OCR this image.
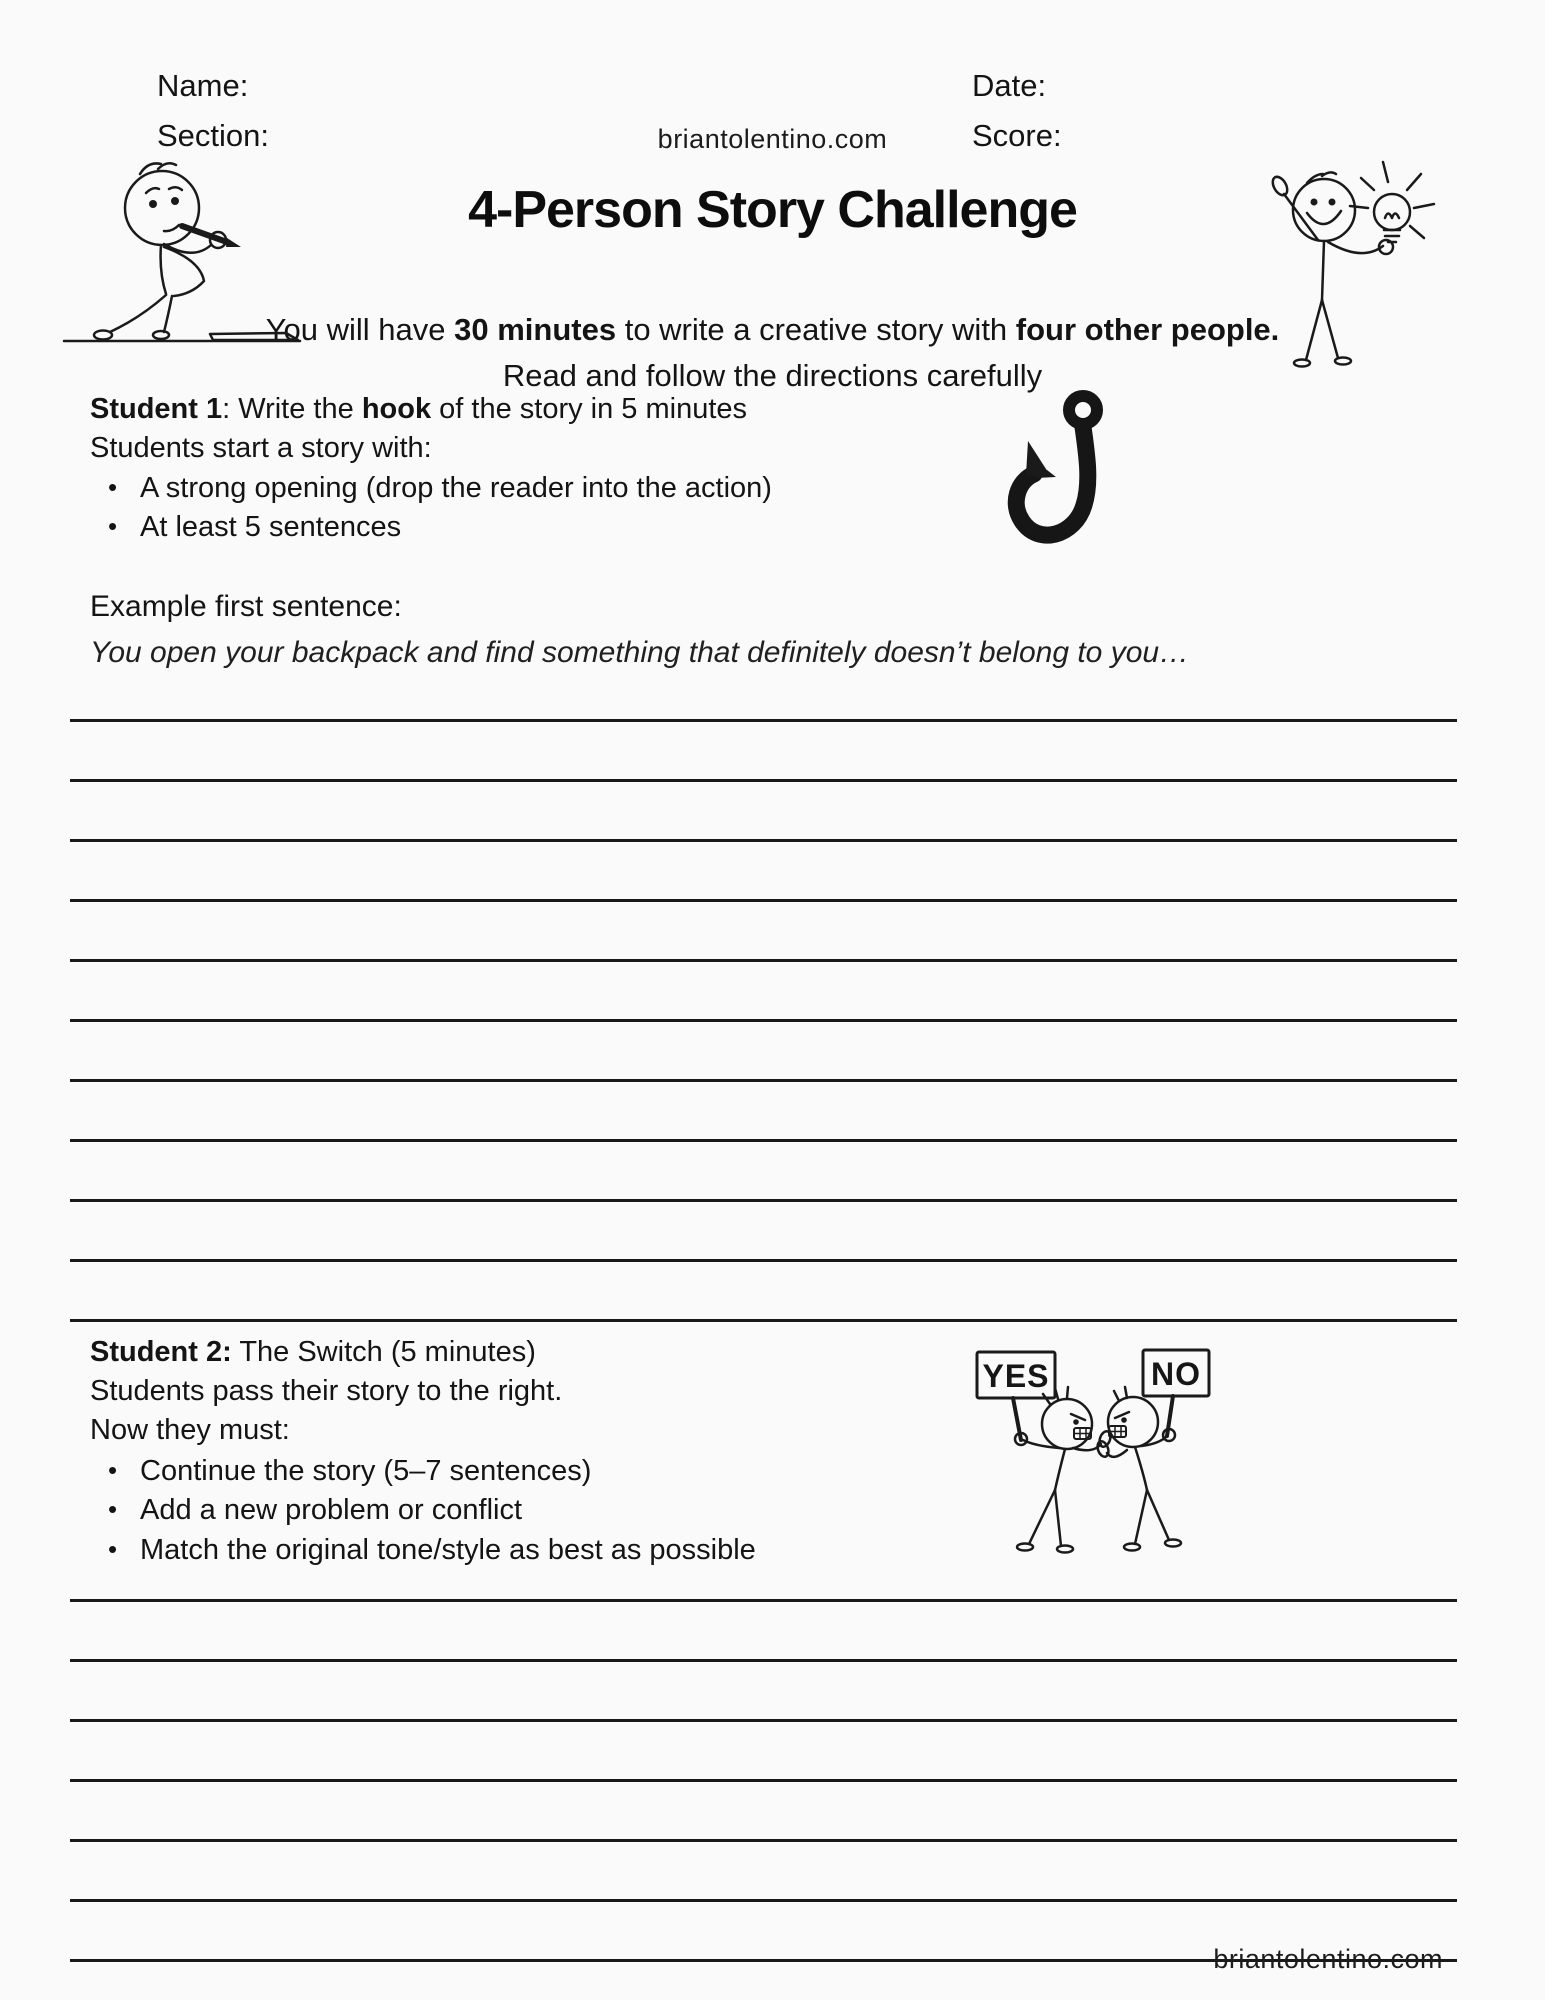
Name:	Date:
Section:	Score:
briantolentino.com
4-Person Story Challenge
You will have 30 minutes to write a creative story with four other people.
Read and follow the directions carefully
Student 1: Write the hook of the story in 5 minutes
Students start a story with:
• A strong opening (drop the reader into the action)
• At least 5 sentences
Example first sentence:
You open your backpack and find something that definitely doesn’t belong to you…
Student 2: The Switch (5 minutes)
Students pass their story to the right.
Now they must:
• Continue the story (5–7 sentences)
• Add a new problem or conflict
• Match the original tone/style as best as possible
YES	NO
briantolentino.com
